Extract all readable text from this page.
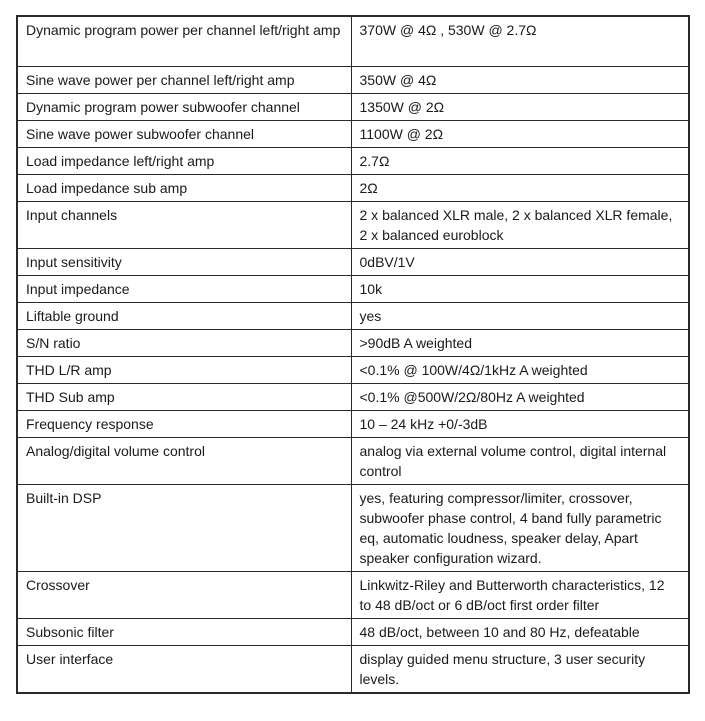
Dynamic program power per channel left/right amp	370W @ 4Ω , 530W @ 2.7Ω
Sine wave power per channel left/right amp	350W @ 4Ω
Dynamic program power subwoofer channel	1350W @ 2Ω
Sine wave power subwoofer channel	1100W @ 2Ω
Load impedance left/right amp	2.7Ω
Load impedance sub amp	2Ω
Input channels	2 x balanced XLR male, 2 x balanced XLR female,
2 x balanced euroblock
Input sensitivity	0dBV/1V
Input impedance	10k
Liftable ground	yes
S/N ratio	>90dB A weighted
THD L/R amp	<0.1% @ 100W/4Ω/1kHz A weighted
THD Sub amp	<0.1% @500W/2Ω/80Hz A weighted
Frequency response	10 – 24 kHz +0/-3dB
Analog/digital volume control	analog via external volume control, digital internal
control
Built-in DSP	yes, featuring compressor/limiter, crossover,
subwoofer phase control, 4 band fully parametric
eq, automatic loudness, speaker delay, Apart
speaker configuration wizard.
Crossover	Linkwitz-Riley and Butterworth characteristics, 12
to 48 dB/oct or 6 dB/oct first order filter
Subsonic filter	48 dB/oct, between 10 and 80 Hz, defeatable
User interface	display guided menu structure, 3 user security
levels.
